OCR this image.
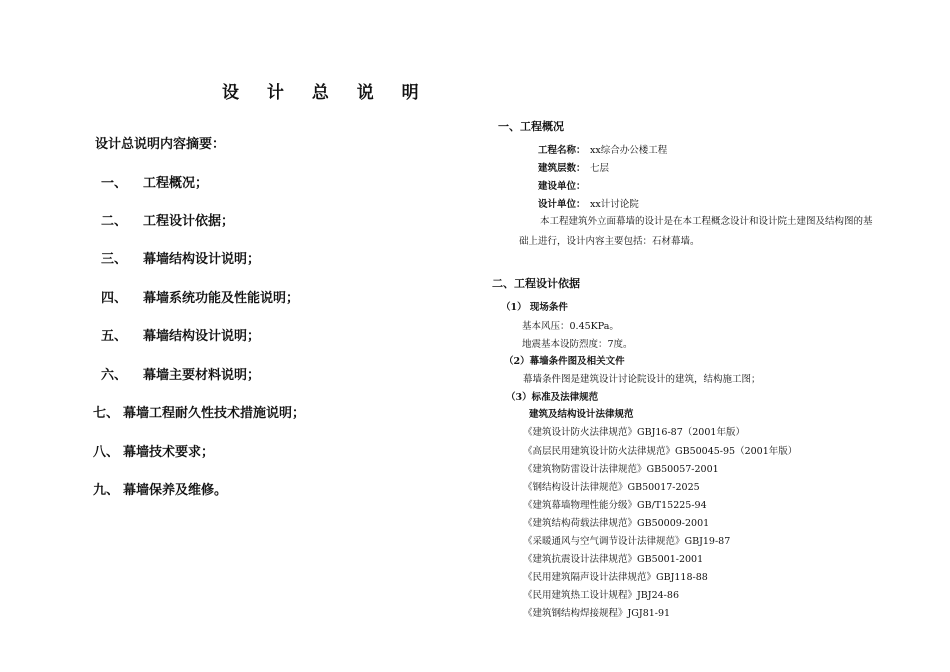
设 计 总 说 明
设计总说明内容摘要：
一、 工程概况；
二、 工程设计依据；
三、 幕墙结构设计说明；
四、 幕墙系统功能及性能说明；
五、 幕墙结构设计说明；
六、 幕墙主要材料说明；
七、 幕墙工程耐久性技术措施说明；
八、 幕墙技术要求；
九、 幕墙保养及维修。
一、工程概况
工程名称： xx综合办公楼工程
建筑层数： 七层
建设单位：
设计单位： xx计讨论院
本工程建筑外立面幕墙的设计是在本工程概念设计和设计院土建图及结构图的基
础上进行，设计内容主要包括：石材幕墙。
二、工程设计依据
（1） 现场条件
基本风压：0.45KPa。
地震基本设防烈度：7度。
（2）幕墙条件图及相关文件
幕墙条件图是建筑设计讨论院设计的建筑，结构施工图；
（3）标准及法律规范
建筑及结构设计法律规范
《建筑设计防火法律规范》GBJ16-87（2001年版）
《高层民用建筑设计防火法律规范》GB50045-95（2001年版）
《建筑物防雷设计法律规范》GB50057-2001
《钢结构设计法律规范》GB50017-2025
《建筑幕墙物理性能分级》GB/T15225-94
《建筑结构荷载法律规范》GB50009-2001
《采暖通风与空气调节设计法律规范》GBJ19-87
《建筑抗震设计法律规范》GB5001-2001
《民用建筑隔声设计法律规范》GBJ118-88
《民用建筑热工设计规程》JBJ24-86
《建筑钢结构焊接规程》JGJ81-91
